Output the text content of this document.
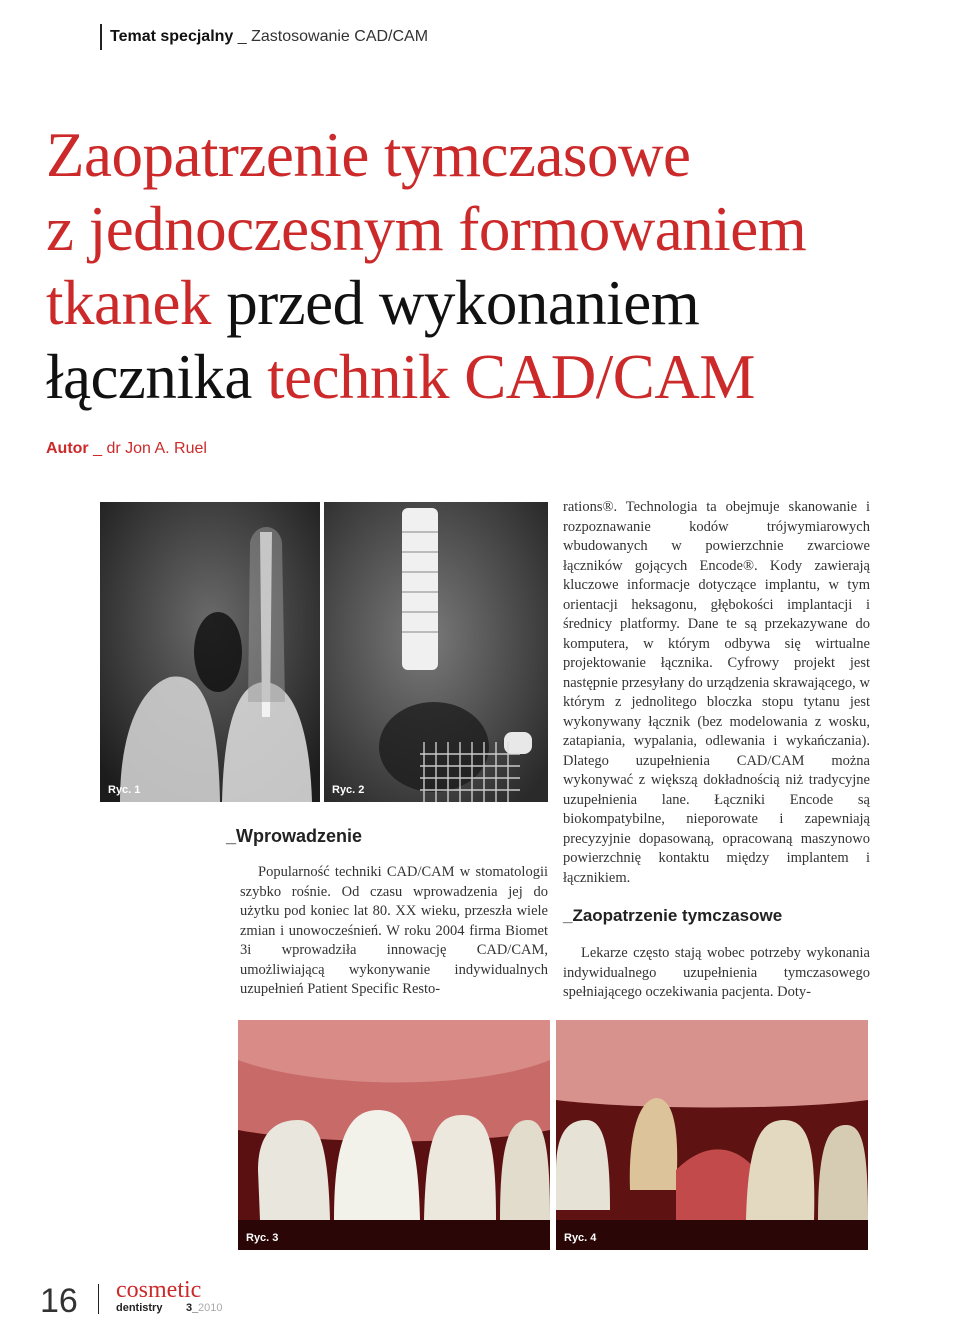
Temat specjalny _ Zastosowanie CAD/CAM
Zaopatrzenie tymczasowe
z jednoczesnym formowaniem
tkanek przed wykonaniem
łącznika technik CAD/CAM
Autor _ dr Jon A. Ruel
Ryc. 1	Ryc. 2
_Wprowadzenie
Popularność techniki CAD/CAM w stomatologii szybko rośnie. Od czasu wprowadzenia jej do użytku pod koniec lat 80. XX wieku, przeszła wiele zmian i unowocześnień. W roku 2004 firma Biomet 3i wprowadziła innowację CAD/CAM, umożliwiającą wykonywanie indywidualnych uzupełnień Patient Specific Resto-
rations®. Technologia ta obejmuje skanowanie i rozpoznawanie kodów trójwymiarowych wbudowanych w powierzchnie zwarciowe łączników gojących Encode®. Kody zawierają kluczowe informacje dotyczące implantu, w tym orientacji heksagonu, głębokości implantacji i średnicy platformy. Dane te są przekazywane do komputera, w którym odbywa się wirtualne projektowanie łącznika. Cyfrowy projekt jest następnie przesyłany do urządzenia skrawającego, w którym z jednolitego bloczka stopu tytanu jest wykonywany łącznik (bez modelowania z wosku, zatapiania, wypalania, odlewania i wykańczania). Dlatego uzupełnienia CAD/CAM można wykonywać z większą dokładnością niż tradycyjne uzupełnienia lane. Łączniki Encode są biokompatybilne, nieporowate i zapewniają precyzyjnie dopasowaną, opracowaną maszynowo powierzchnię kontaktu między implantem i łącznikiem.
_Zaopatrzenie tymczasowe
Lekarze często stają wobec potrzeby wykonania indywidualnego uzupełnienia tymczasowego spełniającego oczekiwania pacjenta. Doty-
Ryc. 3	Ryc. 4
16 cosmetic
dentistry 3_ 2010
